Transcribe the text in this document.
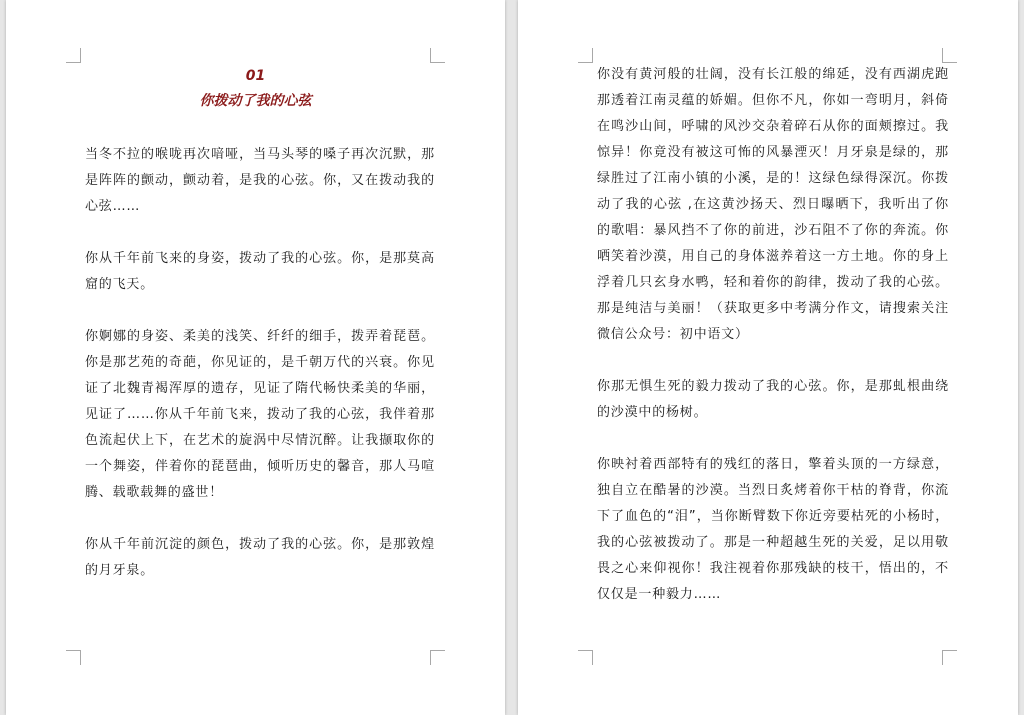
01
你拨动了我的心弦

当冬不拉的喉咙再次喑哑，当马头琴的嗓子再次沉默，那是阵阵的颤动，颤动着，是我的心弦。你，又在拨动我的心弦……

你从千年前飞来的身姿，拨动了我的心弦。你，是那莫高窟的飞天。

你婀娜的身姿、柔美的浅笑、纤纤的细手，拨弄着琵琶。你是那艺苑的奇葩，你见证的，是千朝万代的兴衰。你见证了北魏青褐浑厚的遗存，见证了隋代畅快柔美的华丽，见证了……你从千年前飞来，拨动了我的心弦，我伴着那色流起伏上下，在艺术的旋涡中尽情沉醉。让我撷取你的一个舞姿，伴着你的琵琶曲，倾听历史的馨音，那人马喧腾、载歌载舞的盛世！

你从千年前沉淀的颜色，拨动了我的心弦。你，是那敦煌的月牙泉。

你没有黄河般的壮阔，没有长江般的绵延，没有西湖虎跑那透着江南灵蕴的娇媚。但你不凡，你如一弯明月，斜倚在鸣沙山间，呼啸的风沙交杂着碎石从你的面颊擦过。我惊异！你竟没有被这可怖的风暴湮灭！月牙泉是绿的，那绿胜过了江南小镇的小溪，是的！这绿色绿得深沉。你拨动了我的心弦 ,在这黄沙扬天、烈日曝晒下，我听出了你的歌唱：暴风挡不了你的前进，沙石阻不了你的奔流。你哂笑着沙漠，用自己的身体滋养着这一方土地。你的身上浮着几只玄身水鸭，轻和着你的韵律，拨动了我的心弦。那是纯洁与美丽！（获取更多中考满分作文，请搜索关注微信公众号：初中语文）

你那无惧生死的毅力拨动了我的心弦。你，是那虬根曲绕的沙漠中的杨树。

你映衬着西部特有的残红的落日，擎着头顶的一方绿意，独自立在酷暑的沙漠。当烈日炙烤着你干枯的脊背，你流下了血色的“泪”，当你断臂数下你近旁要枯死的小杨时，我的心弦被拨动了。那是一种超越生死的关爱，足以用敬畏之心来仰视你！我注视着你那残缺的枝干，悟出的，不仅仅是一种毅力……
